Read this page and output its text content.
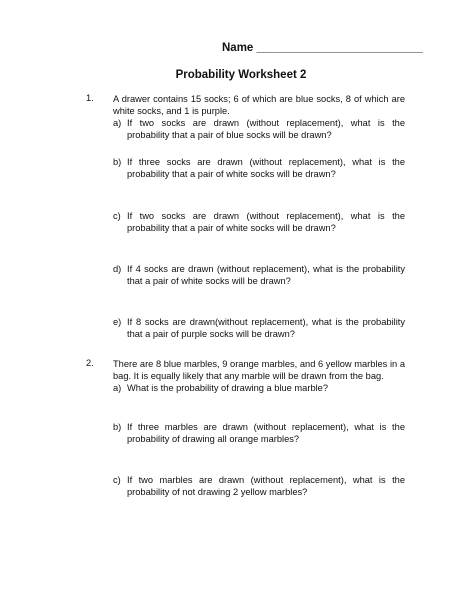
Name __________________________
Probability Worksheet 2
1. A drawer contains 15 socks; 6 of which are blue socks, 8 of which are white socks, and 1 is purple.
a) If two socks are drawn (without replacement), what is the probability that a pair of blue socks will be drawn?
b) If three socks are drawn (without replacement), what is the probability that a pair of white socks will be drawn?
c) If two socks are drawn (without replacement), what is the probability that a pair of white socks will be drawn?
d) If 4 socks are drawn (without replacement), what is the probability that a pair of white socks will be drawn?
e) If 8 socks are drawn(without replacement), what is the probability that a pair of purple socks will be drawn?
2. There are 8 blue marbles, 9 orange marbles, and 6 yellow marbles in a bag. It is equally likely that any marble will be drawn from the bag.
a) What is the probability of drawing a blue marble?
b) If three marbles are drawn (without replacement), what is the probability of drawing all orange marbles?
c) If two marbles are drawn (without replacement), what is the probability of not drawing 2 yellow marbles?
